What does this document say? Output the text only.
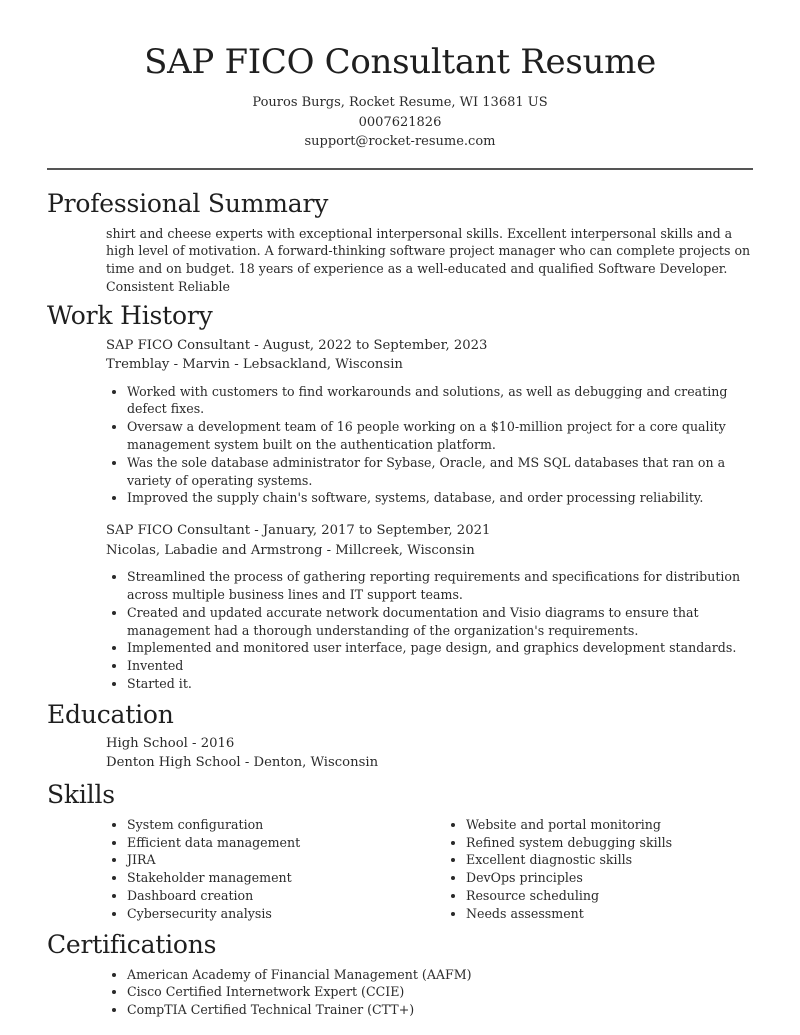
SAP FICO Consultant Resume
Pouros Burgs, Rocket Resume, WI 13681 US
0007621826
support@rocket-resume.com
Professional Summary
shirt and cheese experts with exceptional interpersonal skills. Excellent interpersonal skills and a high level of motivation. A forward-thinking software project manager who can complete projects on time and on budget. 18 years of experience as a well-educated and qualified Software Developer. Consistent Reliable
Work History
SAP FICO Consultant - August, 2022 to September, 2023
Tremblay - Marvin - Lebsackland, Wisconsin
• Worked with customers to find workarounds and solutions, as well as debugging and creating defect fixes.
• Oversaw a development team of 16 people working on a $10-million project for a core quality management system built on the authentication platform.
• Was the sole database administrator for Sybase, Oracle, and MS SQL databases that ran on a variety of operating systems.
• Improved the supply chain's software, systems, database, and order processing reliability.
SAP FICO Consultant - January, 2017 to September, 2021
Nicolas, Labadie and Armstrong - Millcreek, Wisconsin
• Streamlined the process of gathering reporting requirements and specifications for distribution across multiple business lines and IT support teams.
• Created and updated accurate network documentation and Visio diagrams to ensure that management had a thorough understanding of the organization's requirements.
• Implemented and monitored user interface, page design, and graphics development standards.
• Invented
• Started it.
Education
High School - 2016
Denton High School - Denton, Wisconsin
Skills
• System configuration
• Efficient data management
• JIRA
• Stakeholder management
• Dashboard creation
• Cybersecurity analysis
• Website and portal monitoring
• Refined system debugging skills
• Excellent diagnostic skills
• DevOps principles
• Resource scheduling
• Needs assessment
Certifications
• American Academy of Financial Management (AAFM)
• Cisco Certified Internetwork Expert (CCIE)
• CompTIA Certified Technical Trainer (CTT+)
